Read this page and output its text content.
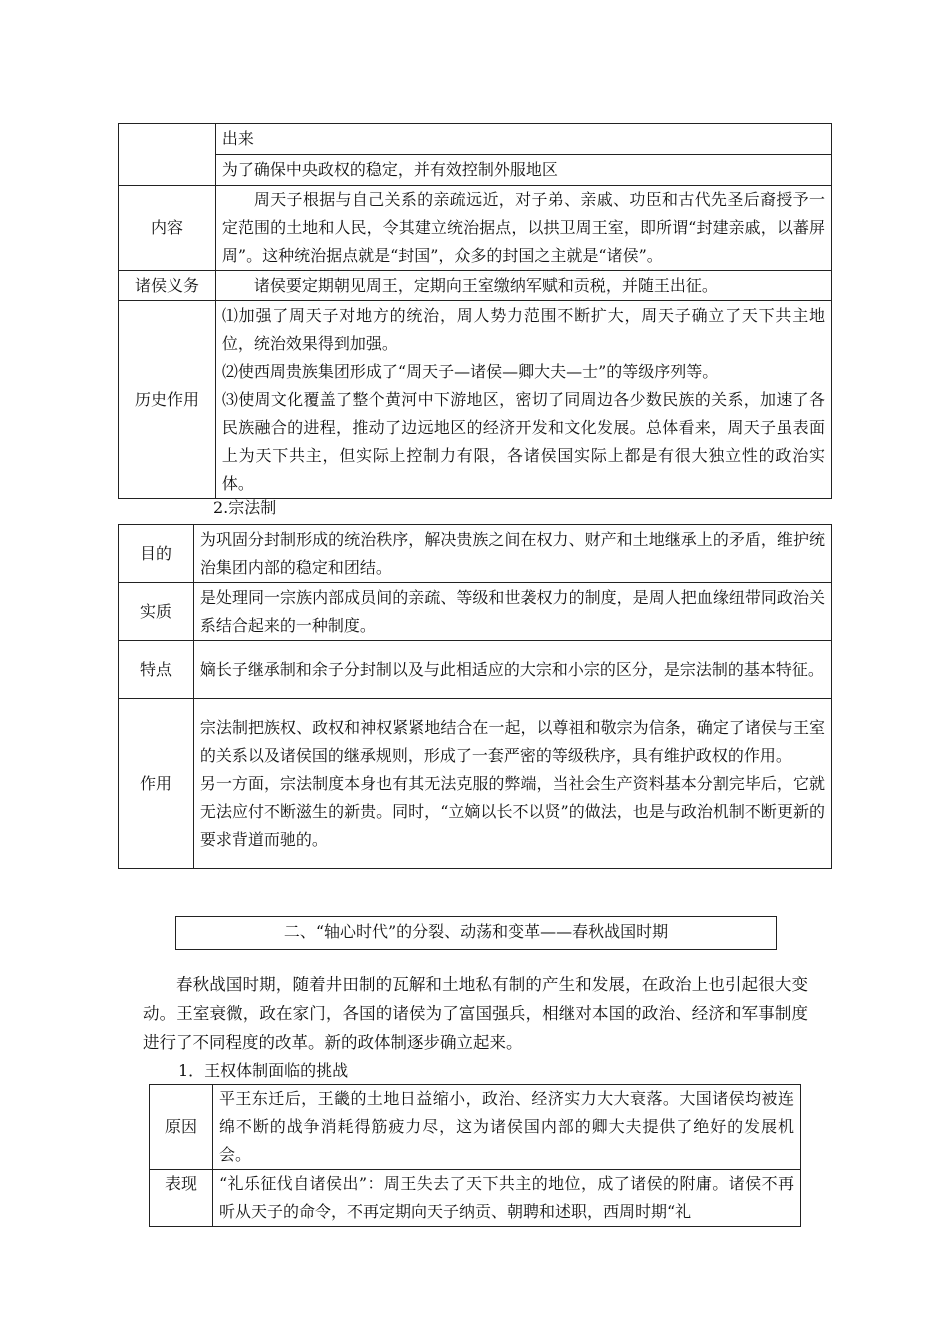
	出来
	为了确保中央政权的稳定，并有效控制外服地区
内容	周天子根据与自己关系的亲疏远近，对子弟、亲戚、功臣和古代先圣后裔授予一定范围的土地和人民，令其建立统治据点，以拱卫周王室，即所谓“封建亲戚，以蕃屏周”。这种统治据点就是“封国”，众多的封国之主就是“诸侯”。
诸侯义务	诸侯要定期朝见周王，定期向王室缴纳军赋和贡税，并随王出征。
历史作用	⑴加强了周天子对地方的统治，周人势力范围不断扩大，周天子确立了天下共主地位，统治效果得到加强。
⑵使西周贵族集团形成了“周天子—诸侯—卿大夫—士”的等级序列等。
⑶使周文化覆盖了整个黄河中下游地区，密切了同周边各少数民族的关系，加速了各民族融合的进程，推动了边远地区的经济开发和文化发展。总体看来，周天子虽表面上为天下共主，但实际上控制力有限，各诸侯国实际上都是有很大独立性的政治实体。
2.宗法制
目的	为巩固分封制形成的统治秩序，解决贵族之间在权力、财产和土地继承上的矛盾，维护统治集团内部的稳定和团结。
实质	是处理同一宗族内部成员间的亲疏、等级和世袭权力的制度，是周人把血缘纽带同政治关系结合起来的一种制度。
特点	嫡长子继承制和余子分封制以及与此相适应的大宗和小宗的区分，是宗法制的基本特征。
作用	宗法制把族权、政权和神权紧紧地结合在一起，以尊祖和敬宗为信条，确定了诸侯与王室的关系以及诸侯国的继承规则，形成了一套严密的等级秩序，具有维护政权的作用。
另一方面，宗法制度本身也有其无法克服的弊端，当社会生产资料基本分割完毕后，它就无法应付不断滋生的新贵。同时，“立嫡以长不以贤”的做法，也是与政治机制不断更新的要求背道而驰的。
二、“轴心时代”的分裂、动荡和变革——春秋战国时期
春秋战国时期，随着井田制的瓦解和土地私有制的产生和发展，在政治上也引起很大变动。王室衰微，政在家门，各国的诸侯为了富国强兵，相继对本国的政治、经济和军事制度进行了不同程度的改革。新的政体制逐步确立起来。
1．王权体制面临的挑战
原因	平王东迁后，王畿的土地日益缩小，政治、经济实力大大衰落。大国诸侯均被连绵不断的战争消耗得筋疲力尽，这为诸侯国内部的卿大夫提供了绝好的发展机会。
表现	“礼乐征伐自诸侯出”：周王失去了天下共主的地位，成了诸侯的附庸。诸侯不再听从天子的命令，不再定期向天子纳贡、朝聘和述职，西周时期“礼
